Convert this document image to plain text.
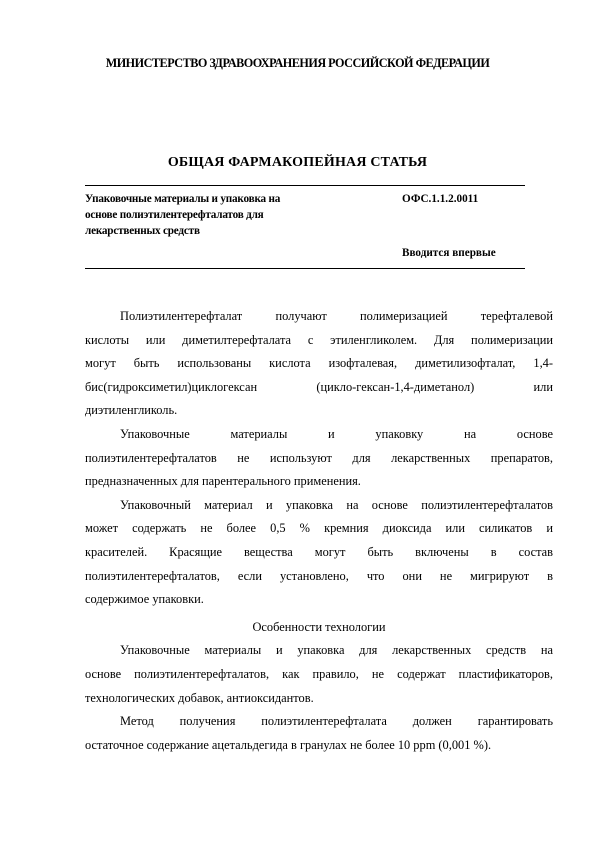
МИНИСТЕРСТВО ЗДРАВООХРАНЕНИЯ РОССИЙСКОЙ ФЕДЕРАЦИИ
ОБЩАЯ ФАРМАКОПЕЙНАЯ СТАТЬЯ
Упаковочные материалы и упаковка на
основе полиэтилентерефталатов для
лекарственных средств
ОФС.1.1.2.0011
Вводится впервые
Полиэтилентерефталат получают полимеризацией терефталевой
кислоты или диметилтерефталата с этиленгликолем. Для полимеризации
могут быть использованы кислота изофталевая, диметилизофталат, 1,4-
бис(гидроксиметил)циклогексан (цикло-гексан-1,4-диметанол) или
диэтиленгликоль.
Упаковочные материалы и упаковку на основе
полиэтилентерефталатов не используют для лекарственных препаратов,
предназначенных для парентерального применения.
Упаковочный материал и упаковка на основе полиэтилентерефталатов
может содержать не более 0,5 % кремния диоксида или силикатов и
красителей. Красящие вещества могут быть включены в состав
полиэтилентерефталатов, если установлено, что они не мигрируют в
содержимое упаковки.
Особенности технологии
Упаковочные материалы и упаковка для лекарственных средств на
основе полиэтилентерефталатов, как правило, не содержат пластификаторов,
технологических добавок, антиоксидантов.
Метод получения полиэтилентерефталата должен гарантировать
остаточное содержание ацетальдегида в гранулах не более 10 ppm (0,001 %).
